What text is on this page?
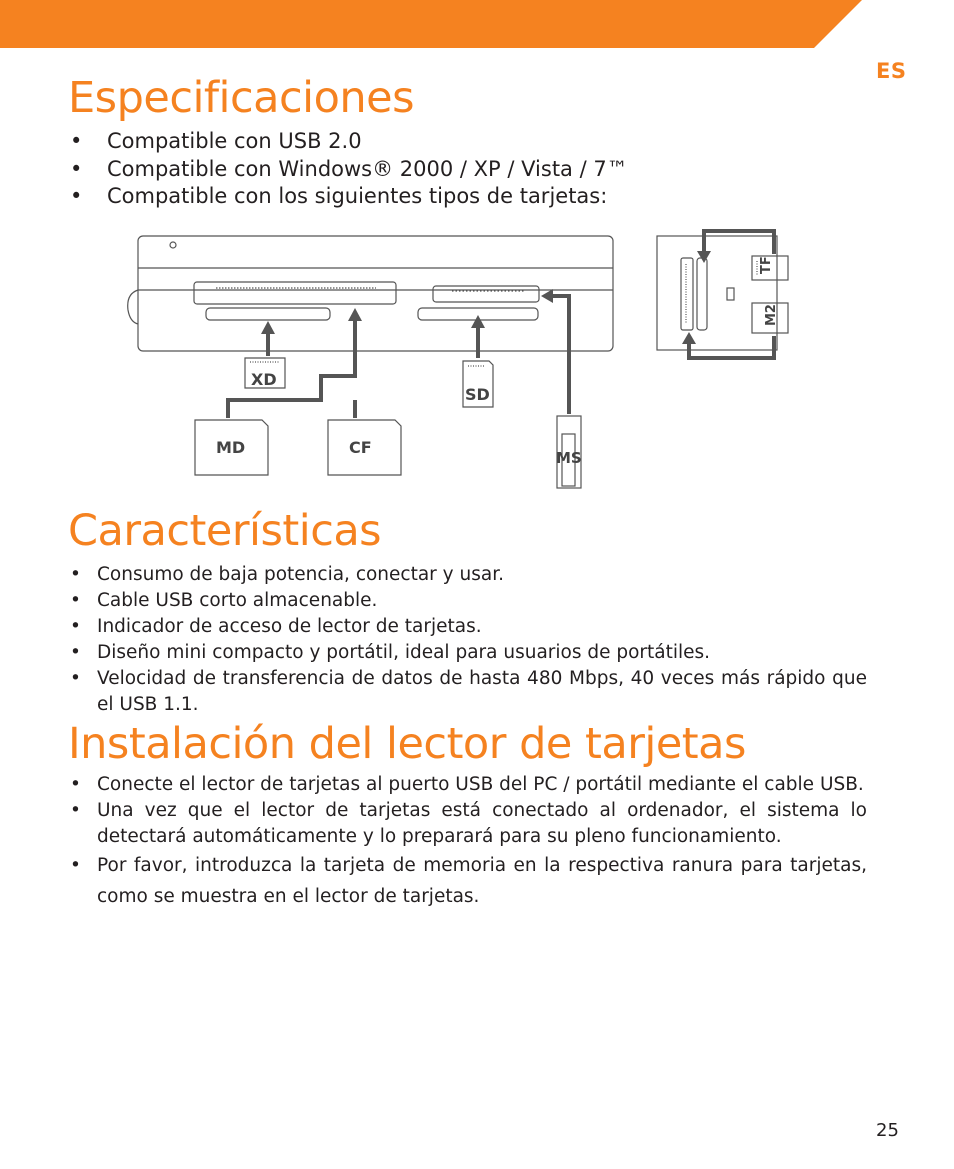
ES
Especificaciones
• Compatible con USB 2.0
• Compatible con Windows® 2000 / XP / Vista / 7™
• Compatible con los siguientes tipos de tarjetas:
XD
SD
MD	CF
MS
TF
M2
Características
• Consumo de baja potencia, conectar y usar.
• Cable USB corto almacenable.
• Indicador de acceso de lector de tarjetas.
• Diseño mini compacto y portátil, ideal para usuarios de portátiles.
• Velocidad de transferencia de datos de hasta 480 Mbps, 40 veces más rápido que el USB 1.1.
Instalación del lector de tarjetas
• Conecte el lector de tarjetas al puerto USB del PC / portátil mediante el cable USB.
• Una vez que el lector de tarjetas está conectado al ordenador, el sistema lo detectará automáticamente y lo preparará para su pleno funcionamiento.
• Por favor, introduzca la tarjeta de memoria en la respectiva ranura para tarjetas, como se muestra en el lector de tarjetas.
25
